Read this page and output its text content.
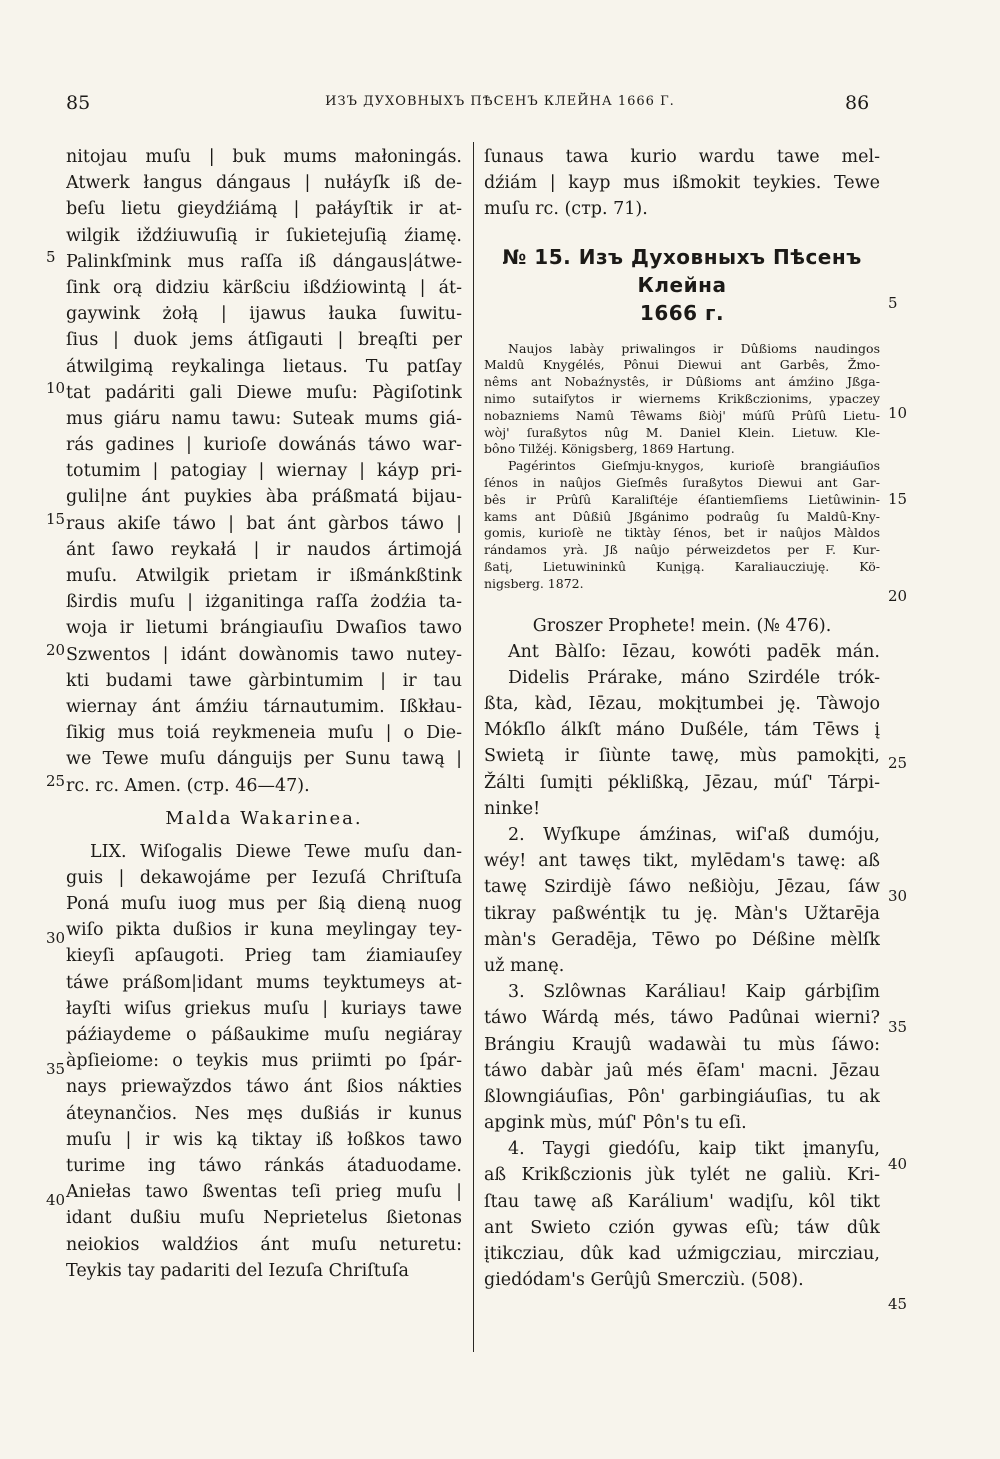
85	ИЗЪ ДУХОВНЫХЪ ПѢСЕНЪ КЛЕЙНА 1666 Г.	86
nitojau muſu | buk mums małoningás.
Atwerk łangus dángaus | nułáyſk iß de-
beſu lietu gieydźiámą | pałáyſtik ir at-
wilgik iždźiuwuſią ir ſukietejuſią źiamę.
Palinkſmink mus raſſa iß dángaus|átwe-
ſink orą didziu kärßciu ißdźiowintą | át-
gaywink żołą | ijawus łauka ſuwitu-
ſius | duok jems átſigauti | breąſti per
átwilgimą reykalinga lietaus. Tu patſay
tat padáriti gali Diewe muſu: Pàgiſotink
mus giáru namu tawu: Suteak mums giá-
rás gadines | kurioſe dowánás táwo war-
totumim | patogiay | wiernay | káyp pri-
guli|ne ánt puykies àba práßmatá bijau-
raus akiſe táwo | bat ánt gàrbos táwo |
ánt ſawo reykałá | ir naudos ártimojá
muſu. Atwilgik prietam ir ißmánkßtink
ßirdis muſu | iżganitinga raſſa żodźia ta-
woja ir lietumi brángiauſiu Dwaſios tawo
Szwentos | idánt dowànomis tawo nutey-
kti budami tawe gàrbintumim | ir tau
wiernay ánt ámźiu tárnautumim. Ißkłau-
ſikig mus toiá reykmeneia muſu | o Die-
we Tewe muſu dánguijs per Sunu tawą |
rc. rc. Amen. (стр. 46—47).
Malda Wakarinea.
LIX. Wiſogalis Diewe Tewe muſu dan-
guis | dekawojáme per Iezuſá Chriſtuſa
Poná muſu iuog mus per ßią dieną nuog
wiſo pikta dußios ir kuna meylingay tey-
kieyſi apſaugoti. Prieg tam źiamiauſey
táwe práßom|idant mums teyktumeys at-
łayſti wiſus griekus muſu | kuriays tawe
páźiaydeme o páßaukime muſu negiáray
àpſieiome: o teykis mus priimti po ſpár-
nays prieway̆zdos táwo ánt ßios nákties
áteynančios. Nes męs dußiás ir kunus
muſu | ir wis ką tiktay iß łoßkos tawo
turime ing táwo ránkás átaduodame.
Aniełas tawo ßwentas teſi prieg muſu |
idant dußiu muſu Neprietelus ßietonas
neiokios waldźios ánt muſu neturetu:
Teykis tay padariti del Iezuſa Chriſtuſa
ſunaus tawa kurio wardu tawe mel-
dźiám | kayp mus ißmokit teykies. Tewe
muſu rc. (стр. 71).
№ 15. Изъ Духовныхъ Пѣсенъ Клейна
1666 г.
Naujos labày priwalingos ir Dûßioms naudingos
Maldû Knygélés, Pônui Diewui ant Garbês, Žmo-
nêms ant Nobaźnystês, ir Dûßioms ant ámźino Jßga-
nimo sutaiſytos ir wiernems Krikßczionims, ypaczey
nobazniems Namû Têwams ßiòj' múſû Prûſû Lietu-
wòj' ſuraßytos nûg M. Daniel Klein. Lietuw. Kle-
bôno Tilžéj. Königsberg, 1869 Hartung.
Pagérintos Gieſmju-knygos, kurioſè brangiáuſios
ſénos in naûjos Gieſmês ſuraßytos Diewui ant Gar-
bês ir Prûſû Karaliſtéje éſantiemſiems Lietûwinin-
kams ant Dûßiû Jßgánimo podraûg ſu Maldû-Kny-
gomis, kurioſè ne tiktày ſénos, bet ir naûjos Màldos
rándamos yrà. Jß naûjo pérweizdetos per F. Kur-
ßatį, Lietuwininkû Kunįgą. Karaliaucziuję. Kö-
nigsberg. 1872.
Groszer Prophete! mein. (№ 476).
Ant Bàlſo: Iēzau, kowóti padēk mán.
Didelis Prárake, máno Szirdéle trók-
ßta, kàd, Iēzau, mokįtumbei ję. Tàwojo
Mókſlo álkſt máno Dußéle, tám Tēws į
Swietą ir ſiùnte tawę, mùs pamokįti,
Žálti ſumįti péklißką, Jēzau, múſ' Tárpi-
ninke!
2. Wyſkupe ámźinas, wiſ'aß dumóju,
wéy! ant tawęs tikt, mylēdam's tawę: aß
tawę Szirdijè ſáwo neßiòju, Jēzau, ſáw
tikray paßwéntįk tu ję. Màn's Užtarēja
màn's Geradēja, Tēwo po Déßine mèlſk
už manę.
3. Szlôwnas Karáliau! Kaip gárbįſim
táwo Wárdą més, táwo Padûnai wierni?
Brángiu Kraujû wadawài tu mùs ſáwo:
táwo dabàr jaû més ēſam' macni. Jēzau
ßlowngiáuſias, Pôn' garbingiáuſias, tu ak
apgink mùs, múſ' Pôn's tu eſi.
4. Taygi giedóſu, kaip tikt įmanyſu,
aß Krikßczionis jùk tylét ne galiù. Kri-
ſtau tawę aß Karálium' wadįſu, kôl tikt
ant Swieto czión gywas eſù; táw dûk
įtikcziau, dûk kad uźmigcziau, mircziau,
giedódam's Gerûjû Smercziù. (508).
5
10
15
20
25
30
35
40
5
10
15
20
25
30
35
40
45
